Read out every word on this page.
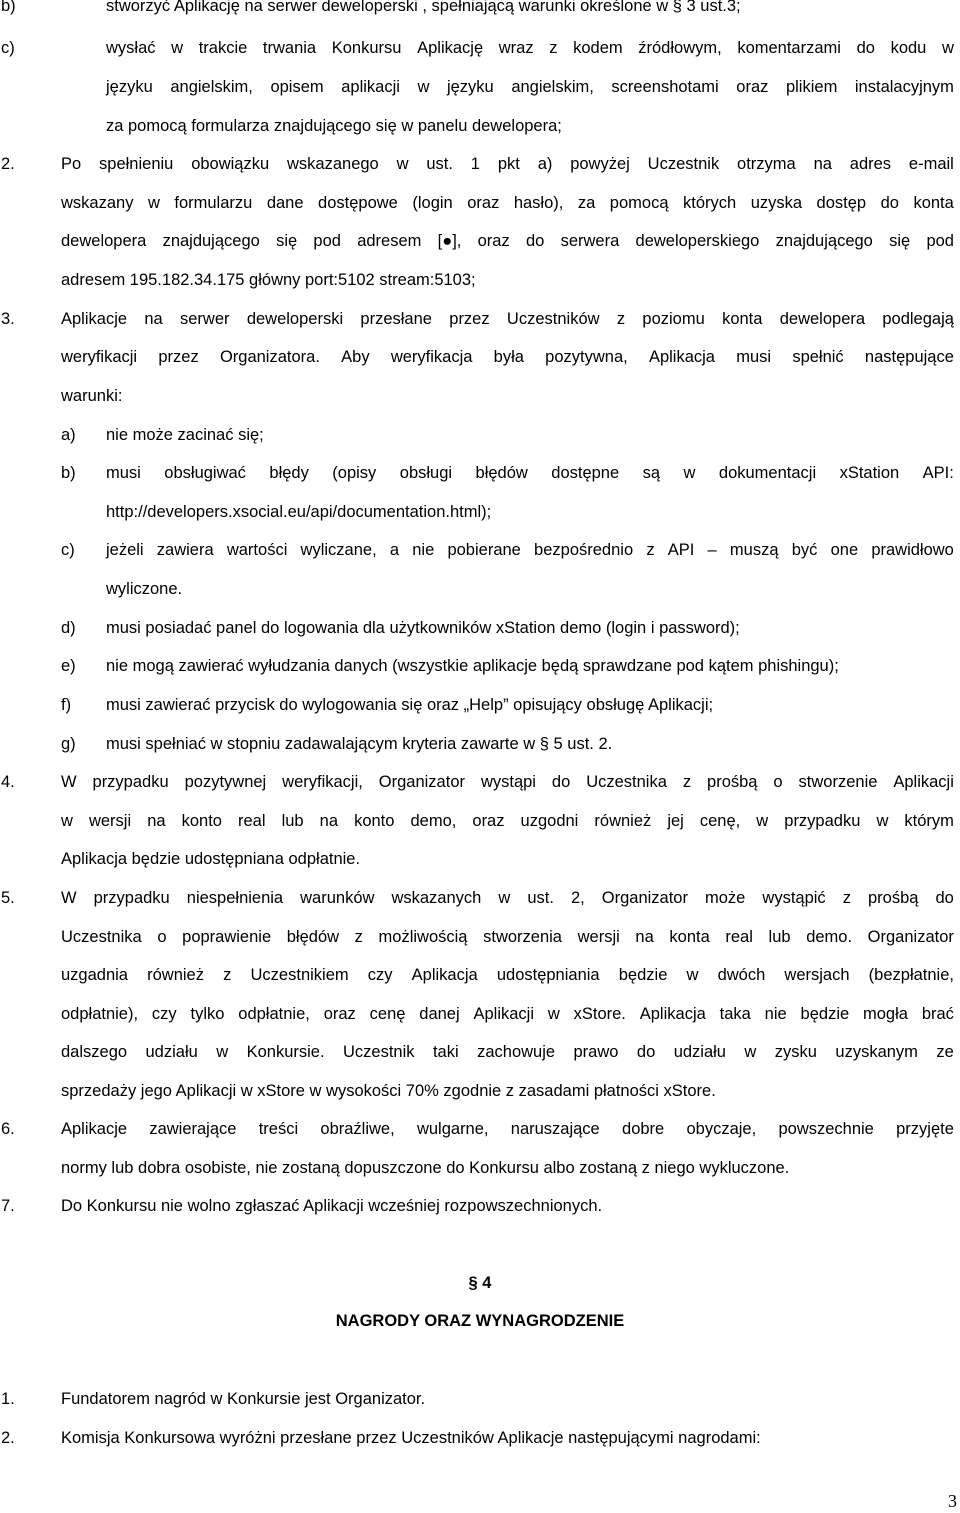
b)	stworzyć Aplikację na serwer deweloperski , spełniającą warunki określone w § 3 ust.3;
c)	wysłać w trakcie trwania Konkursu Aplikację wraz z kodem źródłowym, komentarzami do kodu w
języku angielskim, opisem aplikacji w języku angielskim, screenshotami oraz plikiem instalacyjnym
za pomocą formularza znajdującego się w panelu dewelopera;
2.	Po spełnieniu obowiązku wskazanego w ust. 1 pkt a) powyżej Uczestnik otrzyma na adres e-mail
wskazany w formularzu dane dostępowe (login oraz hasło), za pomocą których uzyska dostęp do konta
dewelopera znajdującego się pod adresem [●], oraz do serwera deweloperskiego znajdującego się pod
adresem 195.182.34.175 główny port:5102 stream:5103;
3.	Aplikacje na serwer deweloperski przesłane przez Uczestników z poziomu konta dewelopera podlegają
weryfikacji przez Organizatora. Aby weryfikacja była pozytywna, Aplikacja musi spełnić następujące
warunki:
a) nie może zacinać się;
b) musi obsługiwać błędy (opisy obsługi błędów dostępne są w dokumentacji xStation API:
http://developers.xsocial.eu/api/documentation.html);
c) jeżeli zawiera wartości wyliczane, a nie pobierane bezpośrednio z API – muszą być one prawidłowo
wyliczone.
d) musi posiadać panel do logowania dla użytkowników xStation demo (login i password);
e) nie mogą zawierać wyłudzania danych (wszystkie aplikacje będą sprawdzane pod kątem phishingu);
f) musi zawierać przycisk do wylogowania się oraz „Help” opisujący obsługę Aplikacji;
g) musi spełniać w stopniu zadawalającym kryteria zawarte w § 5 ust. 2.
4.	W przypadku pozytywnej weryfikacji, Organizator wystąpi do Uczestnika z prośbą o stworzenie Aplikacji
w wersji na konto real lub na konto demo, oraz uzgodni również jej cenę, w przypadku w którym
Aplikacja będzie udostępniana odpłatnie.
5.	W przypadku niespełnienia warunków wskazanych w ust. 2, Organizator może wystąpić z prośbą do
Uczestnika o poprawienie błędów z możliwością stworzenia wersji na konta real lub demo. Organizator
uzgadnia również z Uczestnikiem czy Aplikacja udostępniania będzie w dwóch wersjach (bezpłatnie,
odpłatnie), czy tylko odpłatnie, oraz cenę danej Aplikacji w xStore. Aplikacja taka nie będzie mogła brać
dalszego udziału w Konkursie. Uczestnik taki zachowuje prawo do udziału w zysku uzyskanym ze
sprzedaży jego Aplikacji w xStore w wysokości 70% zgodnie z zasadami płatności xStore.
6.	Aplikacje zawierające treści obraźliwe, wulgarne, naruszające dobre obyczaje, powszechnie przyjęte
normy lub dobra osobiste, nie zostaną dopuszczone do Konkursu albo zostaną z niego wykluczone.
7.	Do Konkursu nie wolno zgłaszać Aplikacji wcześniej rozpowszechnionych.
§ 4
NAGRODY ORAZ WYNAGRODZENIE
1.	Fundatorem nagród w Konkursie jest Organizator.
2.	Komisja Konkursowa wyróżni przesłane przez Uczestników Aplikacje następującymi nagrodami:
3
